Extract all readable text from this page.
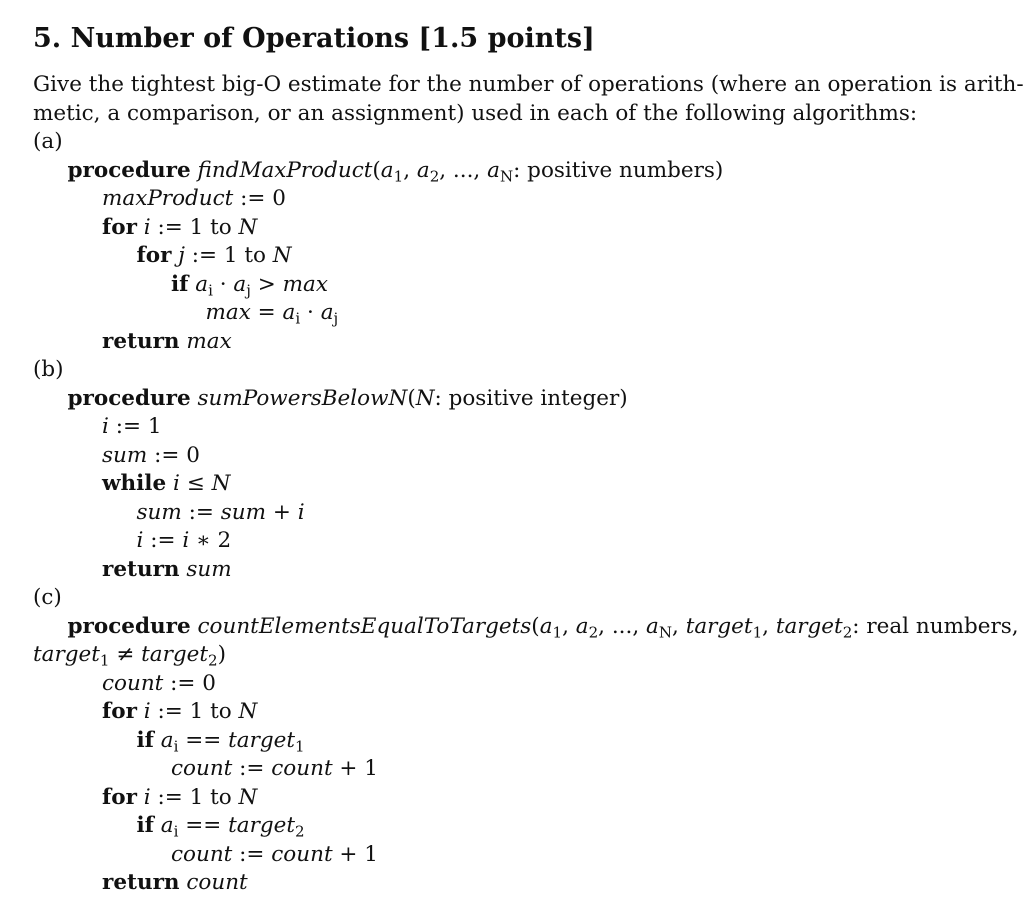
5. Number of Operations [1.5 points]
Give the tightest big-O estimate for the number of operations (where an operation is arith-
metic, a comparison, or an assignment) used in each of the following algorithms:
(a)
procedure $findMaxProduct(a_1$, $a_2$, ..., $a_N$: positive numbers)
maxProduct := 0
for i := 1 to N
for j := 1 to N
if $a_i \cdot a_j > \max$
$\max = a_i \cdot a_j$
return max
(b)
procedure sumPowersBelowN(N: positive integer)
i := 1
sum := 0
while i ≤ N
sum := sum + i
i := i ∗ 2
return sum
(c)
procedure $countElementsEqualToTargets(a_1$, $a_2$, ..., $a_N$, target$_1$, target$_2$: real numbers,
target$_1$ ≠ target$_2$)
count := 0
for i := 1 to N
if $a_i$ == target$_1$
count := count + 1
for i := 1 to N
if $a_i$ == target$_2$
count := count + 1
return count
